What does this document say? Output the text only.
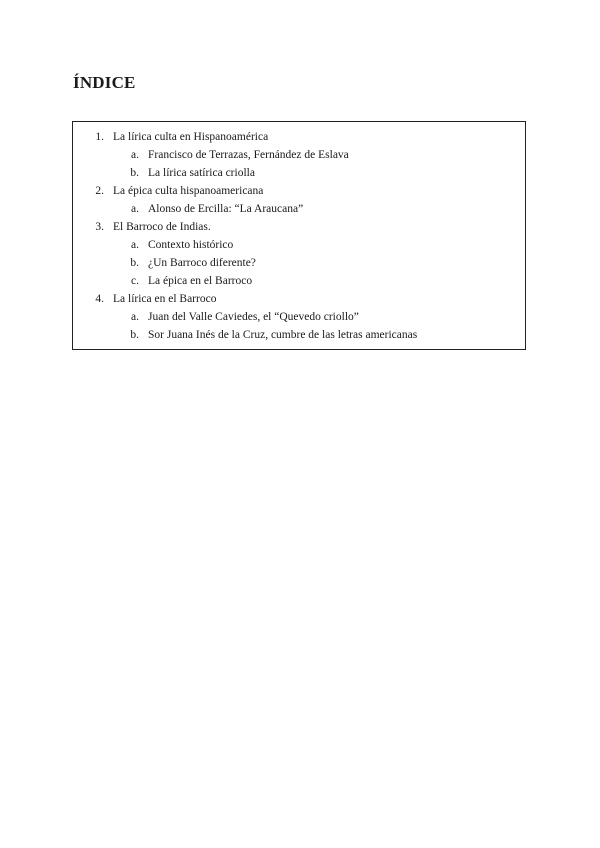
ÍNDICE
1. La lírica culta en Hispanoamérica
a. Francisco de Terrazas, Fernández de Eslava
b. La lírica satírica criolla
2. La épica culta hispanoamericana
a. Alonso de Ercilla: “La Araucana”
3. El Barroco de Indias.
a. Contexto histórico
b. ¿Un Barroco diferente?
c. La épica en el Barroco
4. La lírica en el Barroco
a. Juan del Valle Caviedes, el “Quevedo criollo”
b. Sor Juana Inés de la Cruz, cumbre de las letras americanas
